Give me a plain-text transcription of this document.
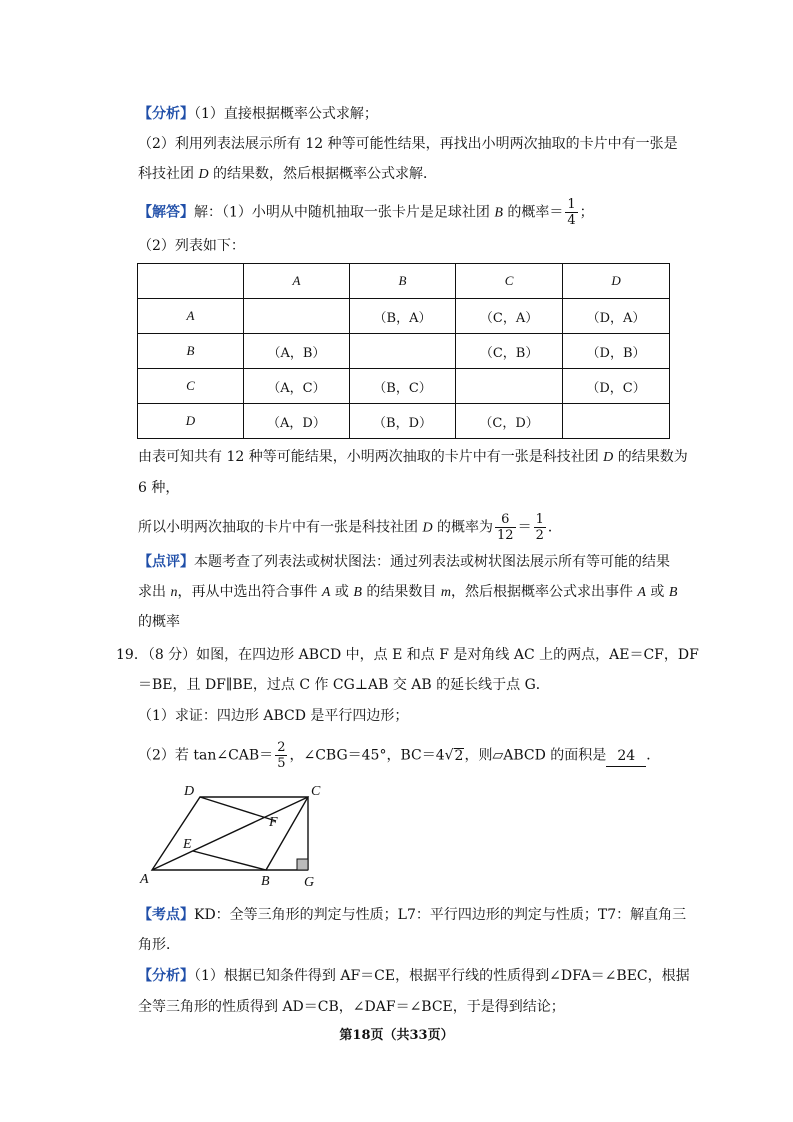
【分析】（1）直接根据概率公式求解；
（2）利用列表法展示所有 12 种等可能性结果，再找出小明两次抽取的卡片中有一张是
科技社团 D 的结果数，然后根据概率公式求解．
【解答】解：（1）小明从中随机抽取一张卡片是足球社团 B 的概率＝ $\frac{1}{4}$ ；
（2）列表如下：
	A	B	C	D
A		（B，A）	（C，A）	（D，A）
B	（A，B）		（C，B）	（D，B）
C	（A，C）	（B，C）		（D，C）
D	（A，D）	（B，D）	（C，D）	
由表可知共有 12 种等可能结果，小明两次抽取的卡片中有一张是科技社团 D 的结果数为
6 种，
所以小明两次抽取的卡片中有一张是科技社团 D 的概率为 $\frac{6}{12} = \frac{1}{2}$ ．
【点评】本题考查了列表法或树状图法：通过列表法或树状图法展示所有等可能的结果
求出 n，再从中选出符合事件 A 或 B 的结果数目 m，然后根据概率公式求出事件 A 或 B
的概率
19．（8 分）如图，在四边形 ABCD 中，点 E 和点 F 是对角线 AC 上的两点，AE＝CF，DF
＝BE，且 DF∥BE，过点 C 作 CG⊥AB 交 AB 的延长线于点 G．
（1）求证：四边形 ABCD 是平行四边形；
（2）若 tan∠CAB＝ $\frac{2}{5}$ ，∠CBG＝45°，BC＝4√2，则▱ABCD 的面积是 24 ．
A	B
C
D
E
F
G
【考点】KD：全等三角形的判定与性质；L7：平行四边形的判定与性质；T7：解直角三
角形．
【分析】（1）根据已知条件得到 AF＝CE，根据平行线的性质得到∠DFA＝∠BEC，根据
全等三角形的性质得到 AD＝CB，∠DAF＝∠BCE，于是得到结论；
第18页（共33页）
